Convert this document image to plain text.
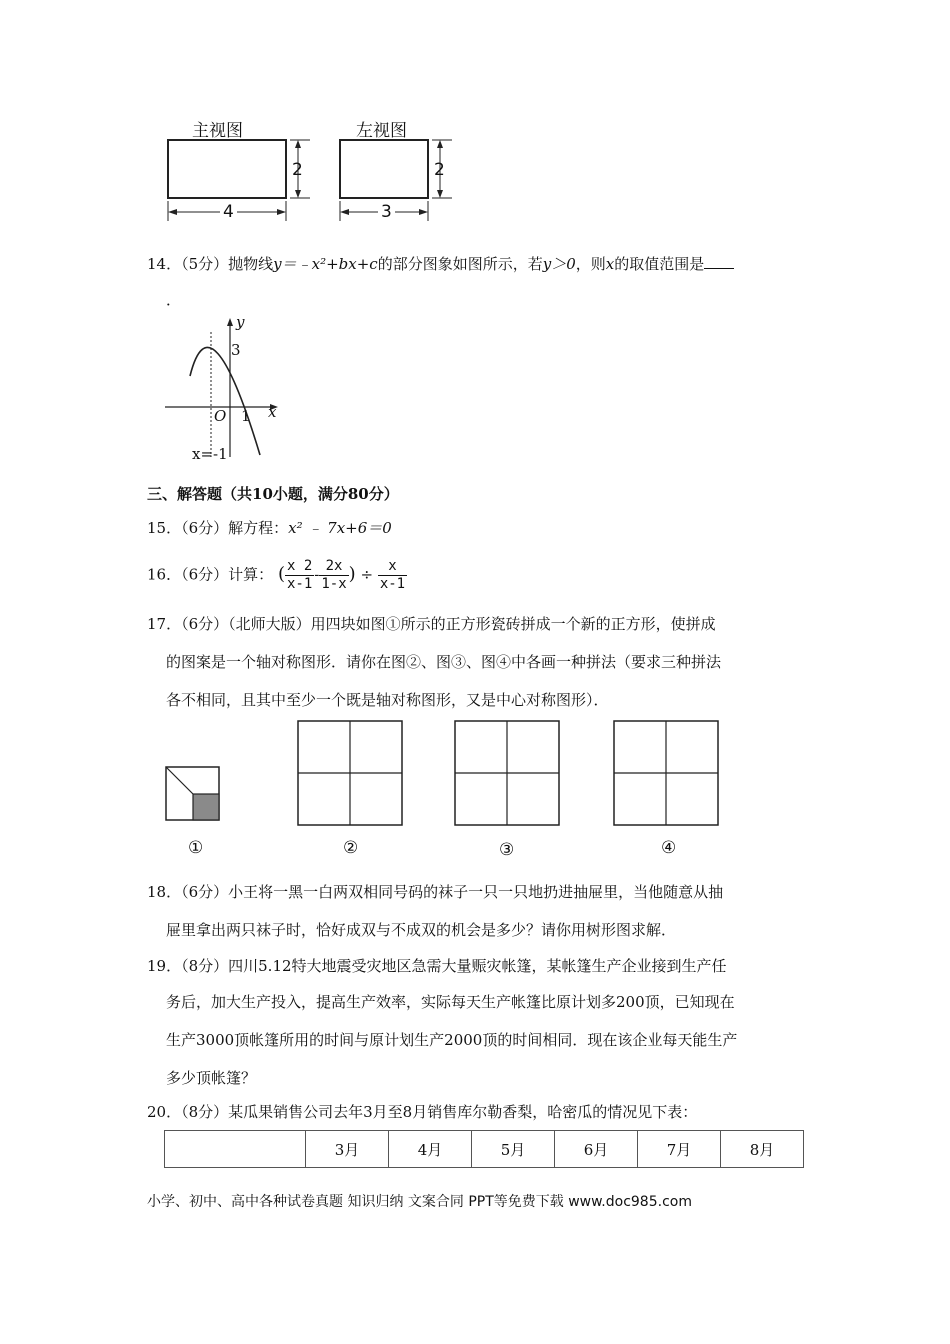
主视图	左视图
2
4
2
3
14．（5分）抛物线y＝﹣x²+bx+c的部分图象如图所示，若y＞0，则x的取值范围是
．
y
3
O 1 x
x=-1
三、解答题（共10小题，满分80分）
15．（6分）解方程：x² ﹣ 7x+6＝0
16．（6分）计算： ( $\frac{x 2}{x-1} - \frac{2x}{1-x}$ ) ÷ $\frac{x}{x-1}$
17．（6分）（北师大版）用四块如图①所示的正方形瓷砖拼成一个新的正方形，使拼成
的图案是一个轴对称图形．请你在图②、图③、图④中各画一种拼法（要求三种拼法
各不相同，且其中至少一个既是轴对称图形，又是中心对称图形）．
①	②	③	④
18．（6分）小王将一黑一白两双相同号码的袜子一只一只地扔进抽屉里，当他随意从抽
屉里拿出两只袜子时，恰好成双与不成双的机会是多少？请你用树形图求解．
19．（8分）四川5.12特大地震受灾地区急需大量赈灾帐篷，某帐篷生产企业接到生产任
务后，加大生产投入，提高生产效率，实际每天生产帐篷比原计划多200顶，已知现在
生产3000顶帐篷所用的时间与原计划生产2000顶的时间相同．现在该企业每天能生产
多少顶帐篷？
20．（8分）某瓜果销售公司去年3月至8月销售库尔勒香梨，哈密瓜的情况见下表：
	3月	4月	5月	6月	7月	8月
小学、初中、高中各种试卷真题 知识归纳 文案合同 PPT等免费下载 www.doc985.com
